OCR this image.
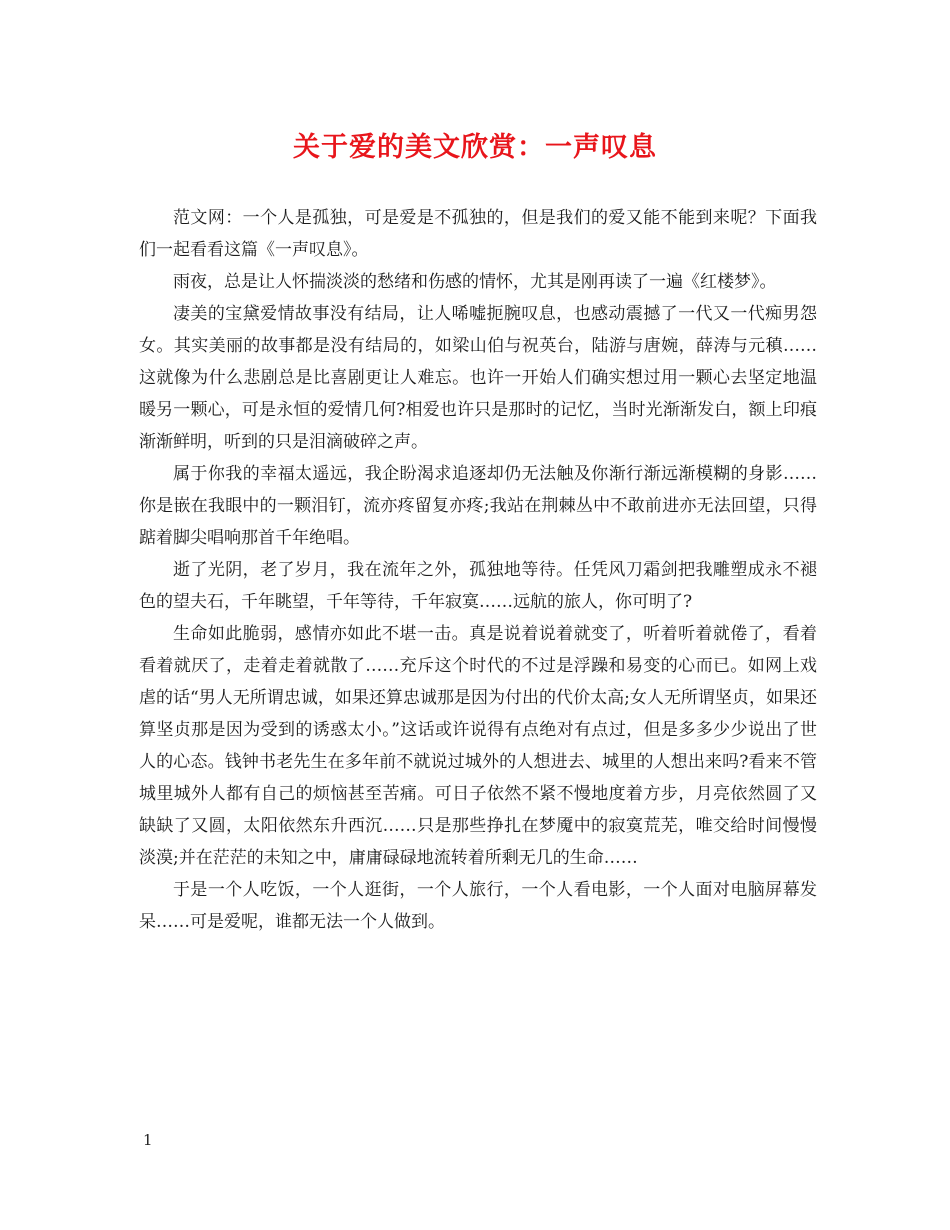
关于爱的美文欣赏：一声叹息

范文网：一个人是孤独，可是爱是不孤独的，但是我们的爱又能不能到来呢？下面我们一起看看这篇《一声叹息》。

雨夜，总是让人怀揣淡淡的愁绪和伤感的情怀，尤其是刚再读了一遍《红楼梦》。

凄美的宝黛爱情故事没有结局，让人唏嘘扼腕叹息，也感动震撼了一代又一代痴男怨女。其实美丽的故事都是没有结局的，如梁山伯与祝英台，陆游与唐婉，薛涛与元稹……这就像为什么悲剧总是比喜剧更让人难忘。也许一开始人们确实想过用一颗心去坚定地温暖另一颗心，可是永恒的爱情几何?相爱也许只是那时的记忆，当时光渐渐发白，额上印痕渐渐鲜明，听到的只是泪滴破碎之声。

属于你我的幸福太遥远，我企盼渴求追逐却仍无法触及你渐行渐远渐模糊的身影……你是嵌在我眼中的一颗泪钉，流亦疼留复亦疼;我站在荆棘丛中不敢前进亦无法回望，只得踮着脚尖唱响那首千年绝唱。

逝了光阴，老了岁月，我在流年之外，孤独地等待。任凭风刀霜剑把我雕塑成永不褪色的望夫石，千年眺望，千年等待，千年寂寞……远航的旅人，你可明了?

生命如此脆弱，感情亦如此不堪一击。真是说着说着就变了，听着听着就倦了，看着看着就厌了，走着走着就散了……充斥这个时代的不过是浮躁和易变的心而已。如网上戏虐的话“男人无所谓忠诚，如果还算忠诚那是因为付出的代价太高;女人无所谓坚贞，如果还算坚贞那是因为受到的诱惑太小。”这话或许说得有点绝对有点过，但是多多少少说出了世人的心态。钱钟书老先生在多年前不就说过城外的人想进去、城里的人想出来吗?看来不管城里城外人都有自己的烦恼甚至苦痛。可日子依然不紧不慢地度着方步，月亮依然圆了又缺缺了又圆，太阳依然东升西沉……只是那些挣扎在梦魇中的寂寞荒芜，唯交给时间慢慢淡漠;并在茫茫的未知之中，庸庸碌碌地流转着所剩无几的生命……

于是一个人吃饭，一个人逛街，一个人旅行，一个人看电影，一个人面对电脑屏幕发呆……可是爱呢，谁都无法一个人做到。

1
